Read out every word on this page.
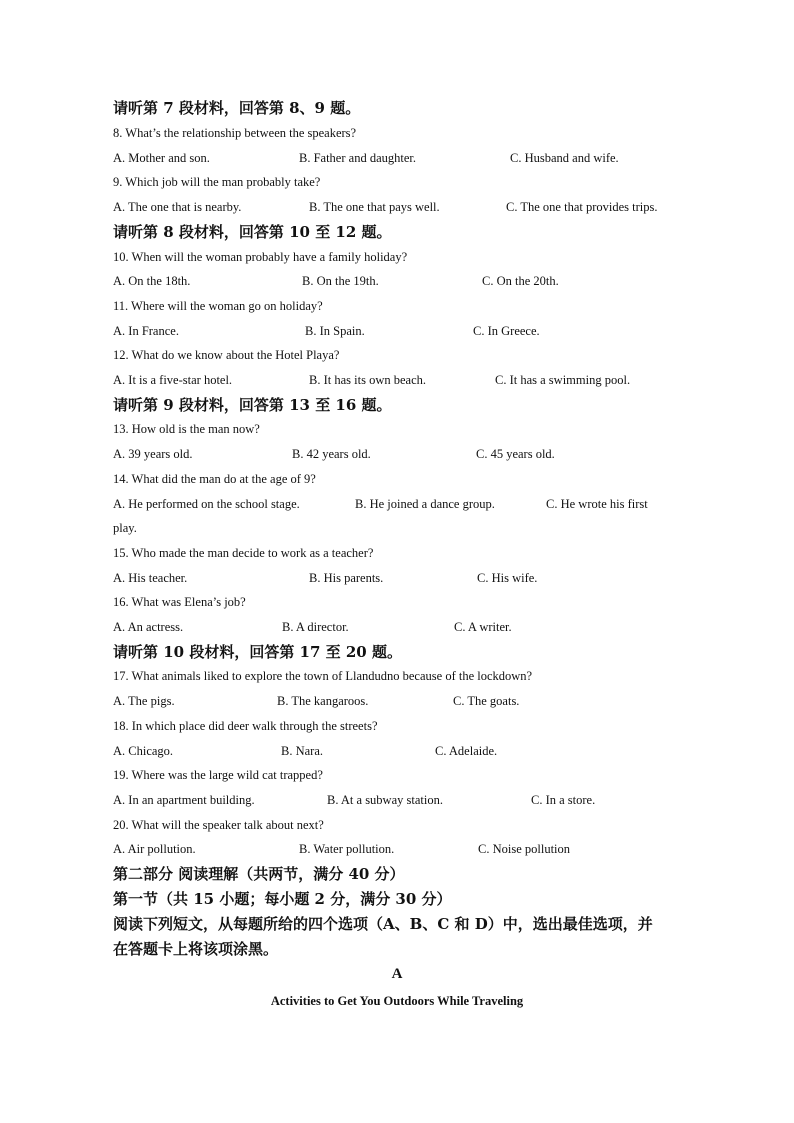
请听第 7 段材料，回答第 8、9 题。
8. What’s the relationship between the speakers?
A. Mother and son.	B. Father and daughter.	C. Husband and wife.
9. Which job will the man probably take?
A. The one that is nearby.	B. The one that pays well.	C. The one that provides trips.
请听第 8 段材料，回答第 10 至 12 题。
10. When will the woman probably have a family holiday?
A. On the 18th.	B. On the 19th.	C. On the 20th.
11. Where will the woman go on holiday?
A. In France.	B. In Spain.	C. In Greece.
12. What do we know about the Hotel Playa?
A. It is a five-star hotel.	B. It has its own beach.	C. It has a swimming pool.
请听第 9 段材料，回答第 13 至 16 题。
13. How old is the man now?
A. 39 years old.	B. 42 years old.	C. 45 years old.
14. What did the man do at the age of 9?
A. He performed on the school stage.	B. He joined a dance group.	C. He wrote his first
play.
15. Who made the man decide to work as a teacher?
A. His teacher.	B. His parents.	C. His wife.
16. What was Elena’s job?
A. An actress.	B. A director.	C. A writer.
请听第 10 段材料，回答第 17 至 20 题。
17. What animals liked to explore the town of Llandudno because of the lockdown?
A. The pigs.	B. The kangaroos.	C. The goats.
18. In which place did deer walk through the streets?
A. Chicago.	B. Nara.	C. Adelaide.
19. Where was the large wild cat trapped?
A. In an apartment building.	B. At a subway station.	C. In a store.
20. What will the speaker talk about next?
A. Air pollution.	B. Water pollution.	C. Noise pollution
第二部分 阅读理解（共两节，满分 40 分）
第一节（共 15 小题；每小题 2 分，满分 30 分）
阅读下列短文，从每题所给的四个选项（A、B、C 和 D）中，选出最佳选项，并
在答题卡上将该项涂黑。
A
Activities to Get You Outdoors While Traveling
